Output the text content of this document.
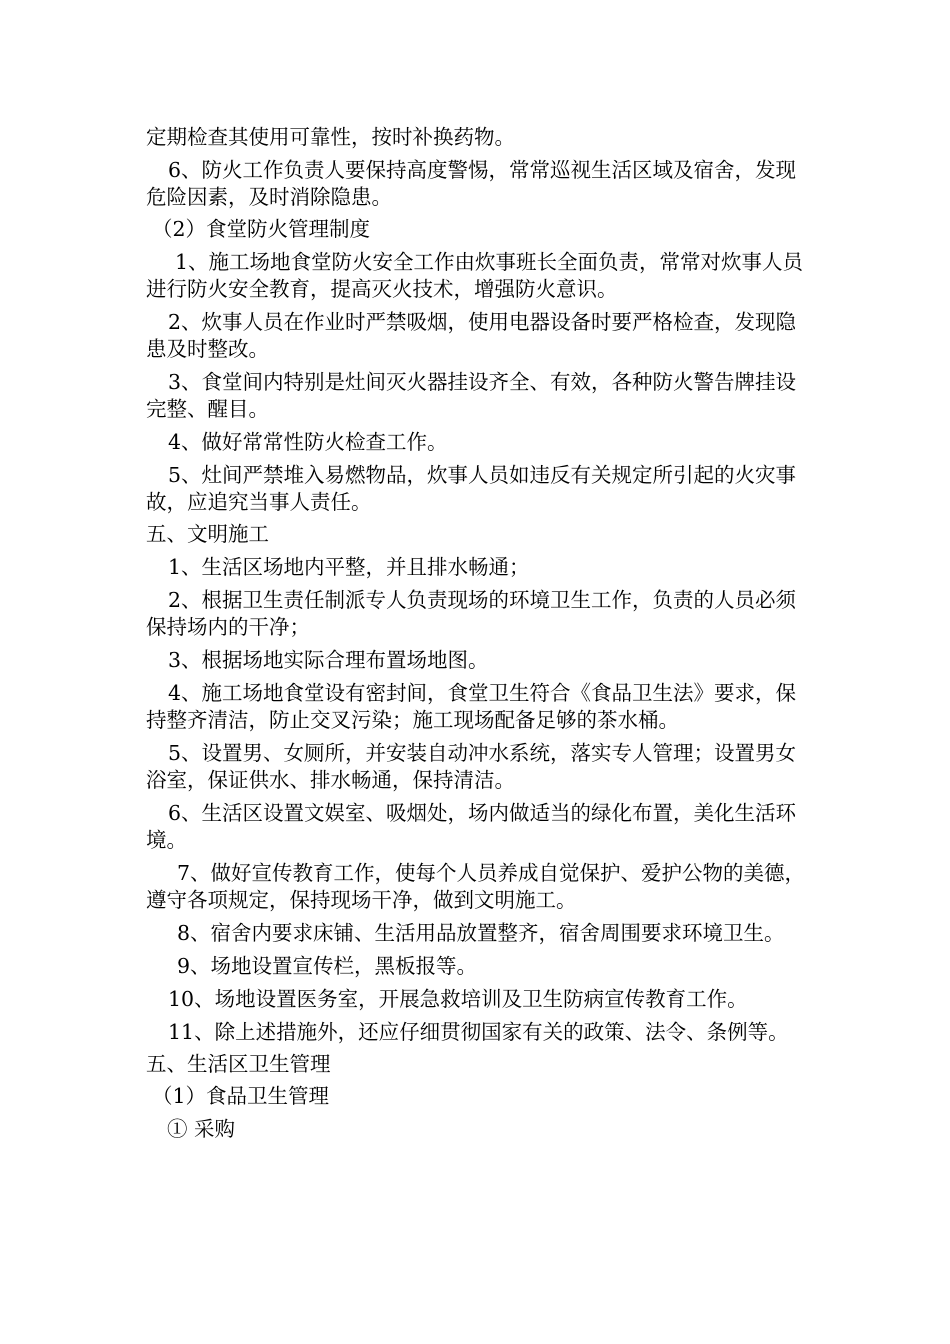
定期检查其使用可靠性，按时补换药物。

6、防火工作负责人要保持高度警惕，常常巡视生活区域及宿舍，发现危险因素，及时消除隐患。

（2）食堂防火管理制度

1、施工场地食堂防火安全工作由炊事班长全面负责，常常对炊事人员进行防火安全教育，提高灭火技术，增强防火意识。

2、炊事人员在作业时严禁吸烟，使用电器设备时要严格检查，发现隐患及时整改。

3、食堂间内特别是灶间灭火器挂设齐全、有效，各种防火警告牌挂设完整、醒目。

4、做好常常性防火检查工作。

5、灶间严禁堆入易燃物品，炊事人员如违反有关规定所引起的火灾事故，应追究当事人责任。

五、文明施工

1、生活区场地内平整，并且排水畅通；

2、根据卫生责任制派专人负责现场的环境卫生工作，负责的人员必须保持场内的干净；

3、根据场地实际合理布置场地图。

4、施工场地食堂设有密封间，食堂卫生符合《食品卫生法》要求，保持整齐清洁，防止交叉污染；施工现场配备足够的茶水桶。

5、设置男、女厕所，并安装自动冲水系统，落实专人管理；设置男女浴室，保证供水、排水畅通，保持清洁。

6、生活区设置文娱室、吸烟处，场内做适当的绿化布置，美化生活环境。

7、做好宣传教育工作，使每个人员养成自觉保护、爱护公物的美德，遵守各项规定，保持现场干净，做到文明施工。

8、宿舍内要求床铺、生活用品放置整齐，宿舍周围要求环境卫生。

9、场地设置宣传栏，黑板报等。

10、场地设置医务室，开展急救培训及卫生防病宣传教育工作。

11、除上述措施外，还应仔细贯彻国家有关的政策、法令、条例等。

五、生活区卫生管理

（1）食品卫生管理

① 采购
